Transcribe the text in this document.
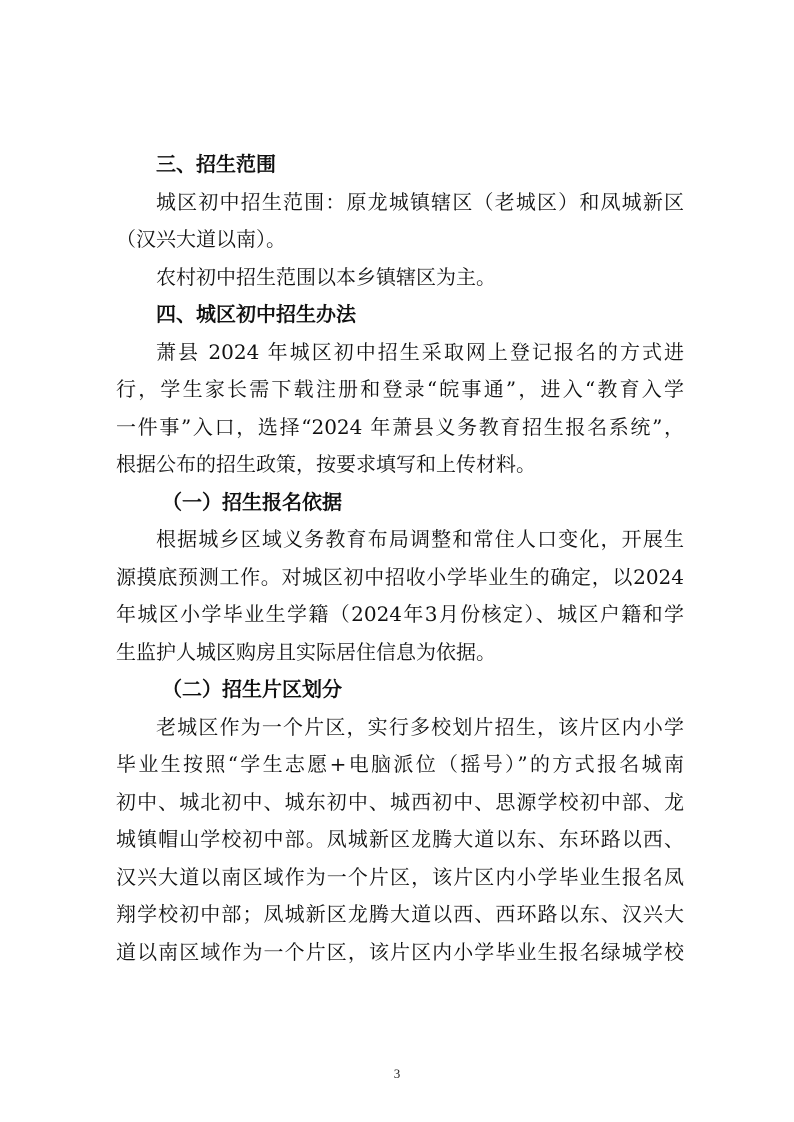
三、招生范围
城区初中招生范围：原龙城镇辖区（老城区）和凤城新区
（汉兴大道以南）。
农村初中招生范围以本乡镇辖区为主。
四、城区初中招生办法
萧县 2024 年城区初中招生采取网上登记报名的方式进
行，学生家长需下载注册和登录“皖事通”，进入“教育入学
一件事”入口，选择“2024 年萧县义务教育招生报名系统”，
根据公布的招生政策，按要求填写和上传材料。
（一）招生报名依据
根据城乡区域义务教育布局调整和常住人口变化，开展生
源摸底预测工作。对城区初中招收小学毕业生的确定，以2024
年城区小学毕业生学籍（2024年3月份核定）、城区户籍和学
生监护人城区购房且实际居住信息为依据。
（二）招生片区划分
老城区作为一个片区，实行多校划片招生，该片区内小学
毕业生按照“学生志愿+电脑派位（摇号）”的方式报名城南
初中、城北初中、城东初中、城西初中、思源学校初中部、龙
城镇帽山学校初中部。凤城新区龙腾大道以东、东环路以西、
汉兴大道以南区域作为一个片区，该片区内小学毕业生报名凤
翔学校初中部；凤城新区龙腾大道以西、西环路以东、汉兴大
道以南区域作为一个片区，该片区内小学毕业生报名绿城学校
3
